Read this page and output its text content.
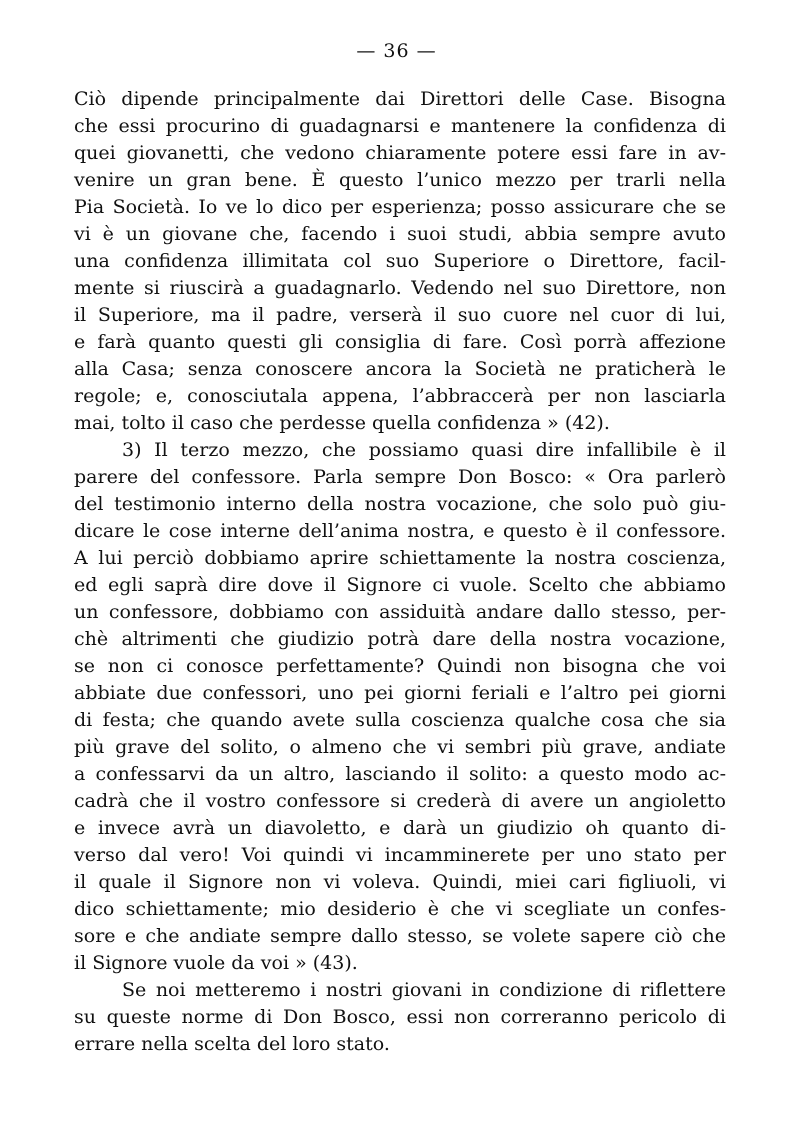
— 36 —
Ciò dipende principalmente dai Direttori delle Case. Bisogna
che essi procurino di guadagnarsi e mantenere la confidenza di
quei giovanetti, che vedono chiaramente potere essi fare in av-
venire un gran bene. È questo l’unico mezzo per trarli nella
Pia Società. Io ve lo dico per esperienza; posso assicurare che se
vi è un giovane che, facendo i suoi studi, abbia sempre avuto
una confidenza illimitata col suo Superiore o Direttore, facil-
mente si riuscirà a guadagnarlo. Vedendo nel suo Direttore, non
il Superiore, ma il padre, verserà il suo cuore nel cuor di lui,
e farà quanto questi gli consiglia di fare. Così porrà affezione
alla Casa; senza conoscere ancora la Società ne praticherà le
regole; e, conosciutala appena, l’abbraccerà per non lasciarla
mai, tolto il caso che perdesse quella confidenza » (42).
3) Il terzo mezzo, che possiamo quasi dire infallibile è il
parere del confessore. Parla sempre Don Bosco: « Ora parlerò
del testimonio interno della nostra vocazione, che solo può giu-
dicare le cose interne dell’anima nostra, e questo è il confessore.
A lui perciò dobbiamo aprire schiettamente la nostra coscienza,
ed egli saprà dire dove il Signore ci vuole. Scelto che abbiamo
un confessore, dobbiamo con assiduità andare dallo stesso, per-
chè altrimenti che giudizio potrà dare della nostra vocazione,
se non ci conosce perfettamente? Quindi non bisogna che voi
abbiate due confessori, uno pei giorni feriali e l’altro pei giorni
di festa; che quando avete sulla coscienza qualche cosa che sia
più grave del solito, o almeno che vi sembri più grave, andiate
a confessarvi da un altro, lasciando il solito: a questo modo ac-
cadrà che il vostro confessore si crederà di avere un angioletto
e invece avrà un diavoletto, e darà un giudizio oh quanto di-
verso dal vero! Voi quindi vi incamminerete per uno stato per
il quale il Signore non vi voleva. Quindi, miei cari figliuoli, vi
dico schiettamente; mio desiderio è che vi scegliate un confes-
sore e che andiate sempre dallo stesso, se volete sapere ciò che
il Signore vuole da voi » (43).
Se noi metteremo i nostri giovani in condizione di riflettere
su queste norme di Don Bosco, essi non correranno pericolo di
errare nella scelta del loro stato.
